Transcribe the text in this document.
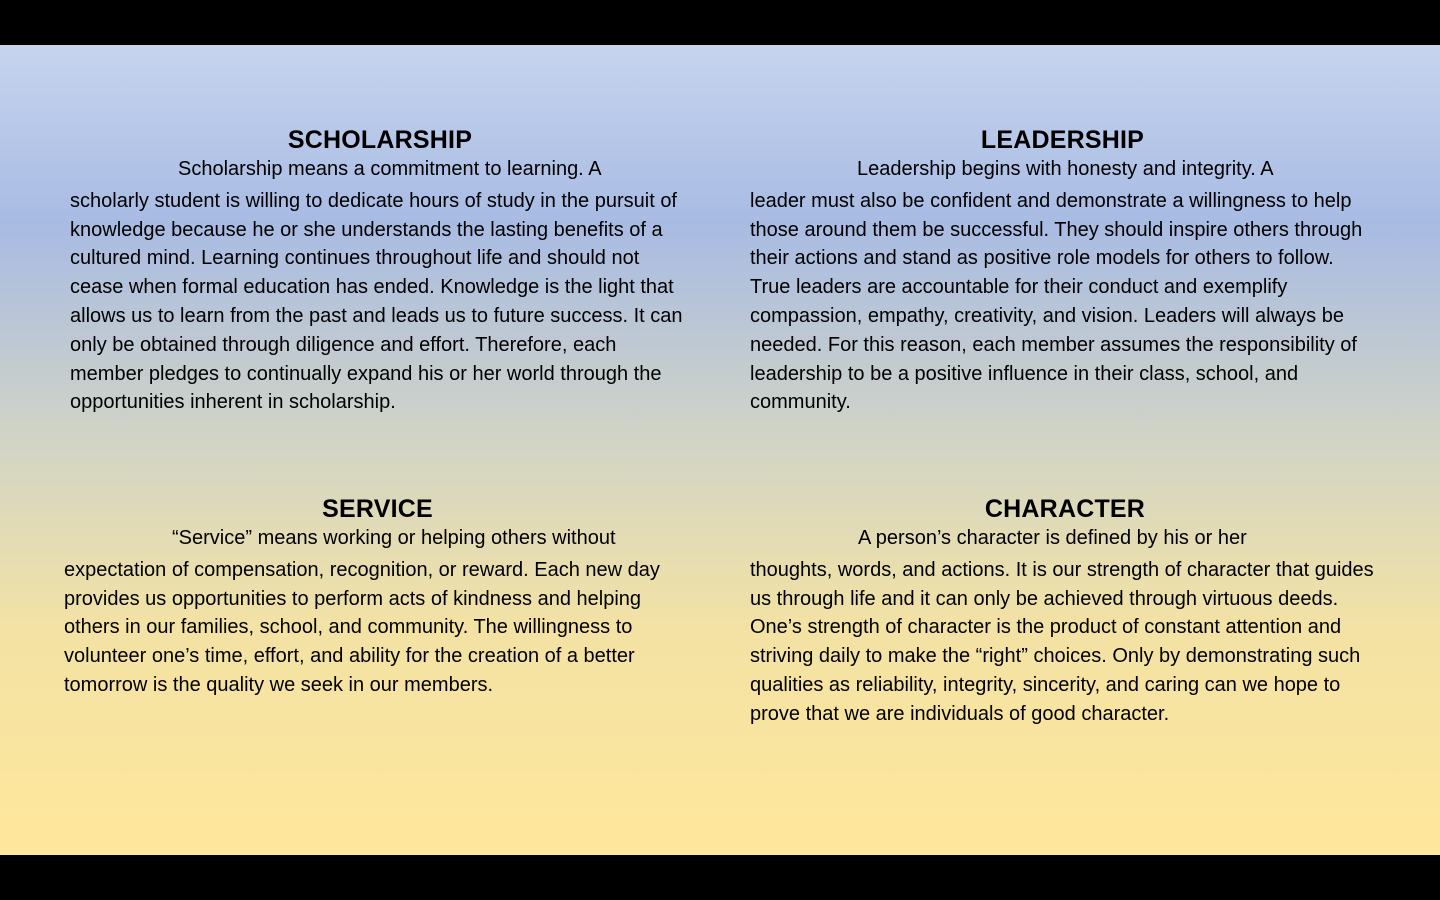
SCHOLARSHIP

Scholarship means a commitment to learning. A
scholarly student is willing to dedicate hours of study in the pursuit of knowledge because he or she understands the lasting benefits of a cultured mind. Learning continues throughout life and should not cease when formal education has ended. Knowledge is the light that allows us to learn from the past and leads us to future success. It can only be obtained through diligence and effort. Therefore, each member pledges to continually expand his or her world through the opportunities inherent in scholarship.

LEADERSHIP

Leadership begins with honesty and integrity. A
leader must also be confident and demonstrate a willingness to help those around them be successful. They should inspire others through their actions and stand as positive role models for others to follow. True leaders are accountable for their conduct and exemplify compassion, empathy, creativity, and vision. Leaders will always be needed. For this reason, each member assumes the responsibility of leadership to be a positive influence in their class, school, and community.

SERVICE

“Service” means working or helping others without
expectation of compensation, recognition, or reward. Each new day provides us opportunities to perform acts of kindness and helping others in our families, school, and community. The willingness to volunteer one’s time, effort, and ability for the creation of a better tomorrow is the quality we seek in our members.

CHARACTER

A person’s character is defined by his or her
thoughts, words, and actions. It is our strength of character that guides us through life and it can only be achieved through virtuous deeds. One’s strength of character is the product of constant attention and striving daily to make the “right” choices. Only by demonstrating such qualities as reliability, integrity, sincerity, and caring can we hope to prove that we are individuals of good character.
